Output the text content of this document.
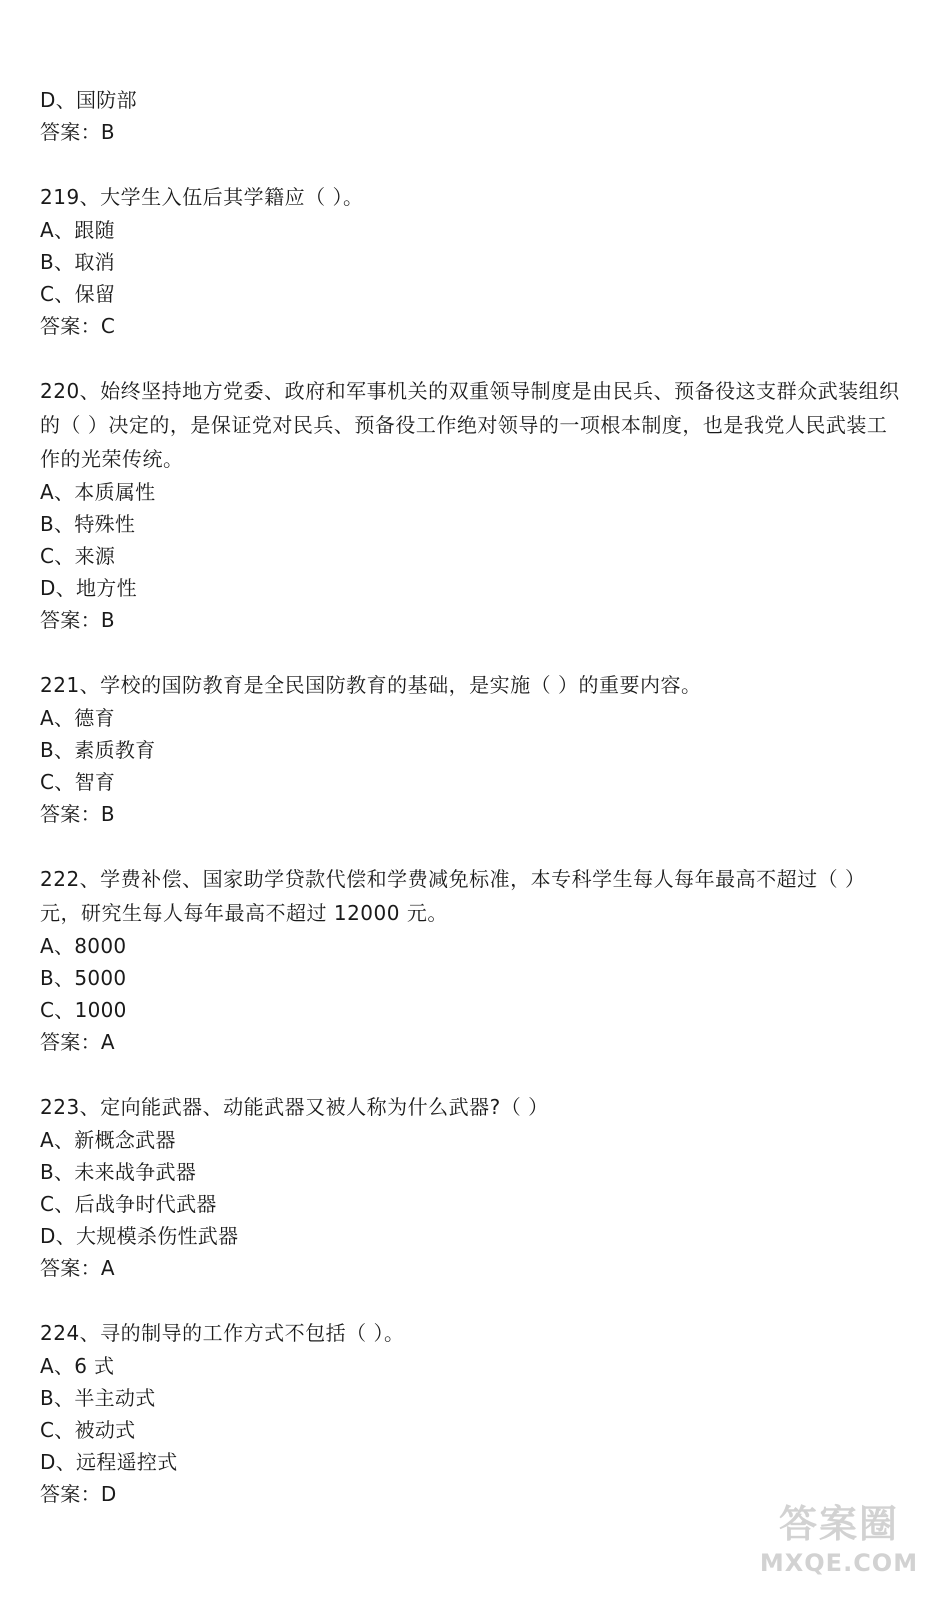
D、国防部
答案：B
219、大学生入伍后其学籍应（ ）。
A、跟随
B、取消
C、保留
答案：C
220、始终坚持地方党委、政府和军事机关的双重领导制度是由民兵、预备役这支群众武装组织的（ ）决定的，是保证党对民兵、预备役工作绝对领导的一项根本制度，也是我党人民武装工作的光荣传统。
A、本质属性
B、特殊性
C、来源
D、地方性
答案：B
221、学校的国防教育是全民国防教育的基础，是实施（ ）的重要内容。
A、德育
B、素质教育
C、智育
答案：B
222、学费补偿、国家助学贷款代偿和学费减免标准，本专科学生每人每年最高不超过（ ）元，研究生每人每年最高不超过 12000 元。
A、8000
B、5000
C、1000
答案：A
223、定向能武器、动能武器又被人称为什么武器?（ ）
A、新概念武器
B、未来战争武器
C、后战争时代武器
D、大规模杀伤性武器
答案：A
224、寻的制导的工作方式不包括（ ）。
A、6 式
B、半主动式
C、被动式
D、远程遥控式
答案：D
答案圈
MXQE.COM
